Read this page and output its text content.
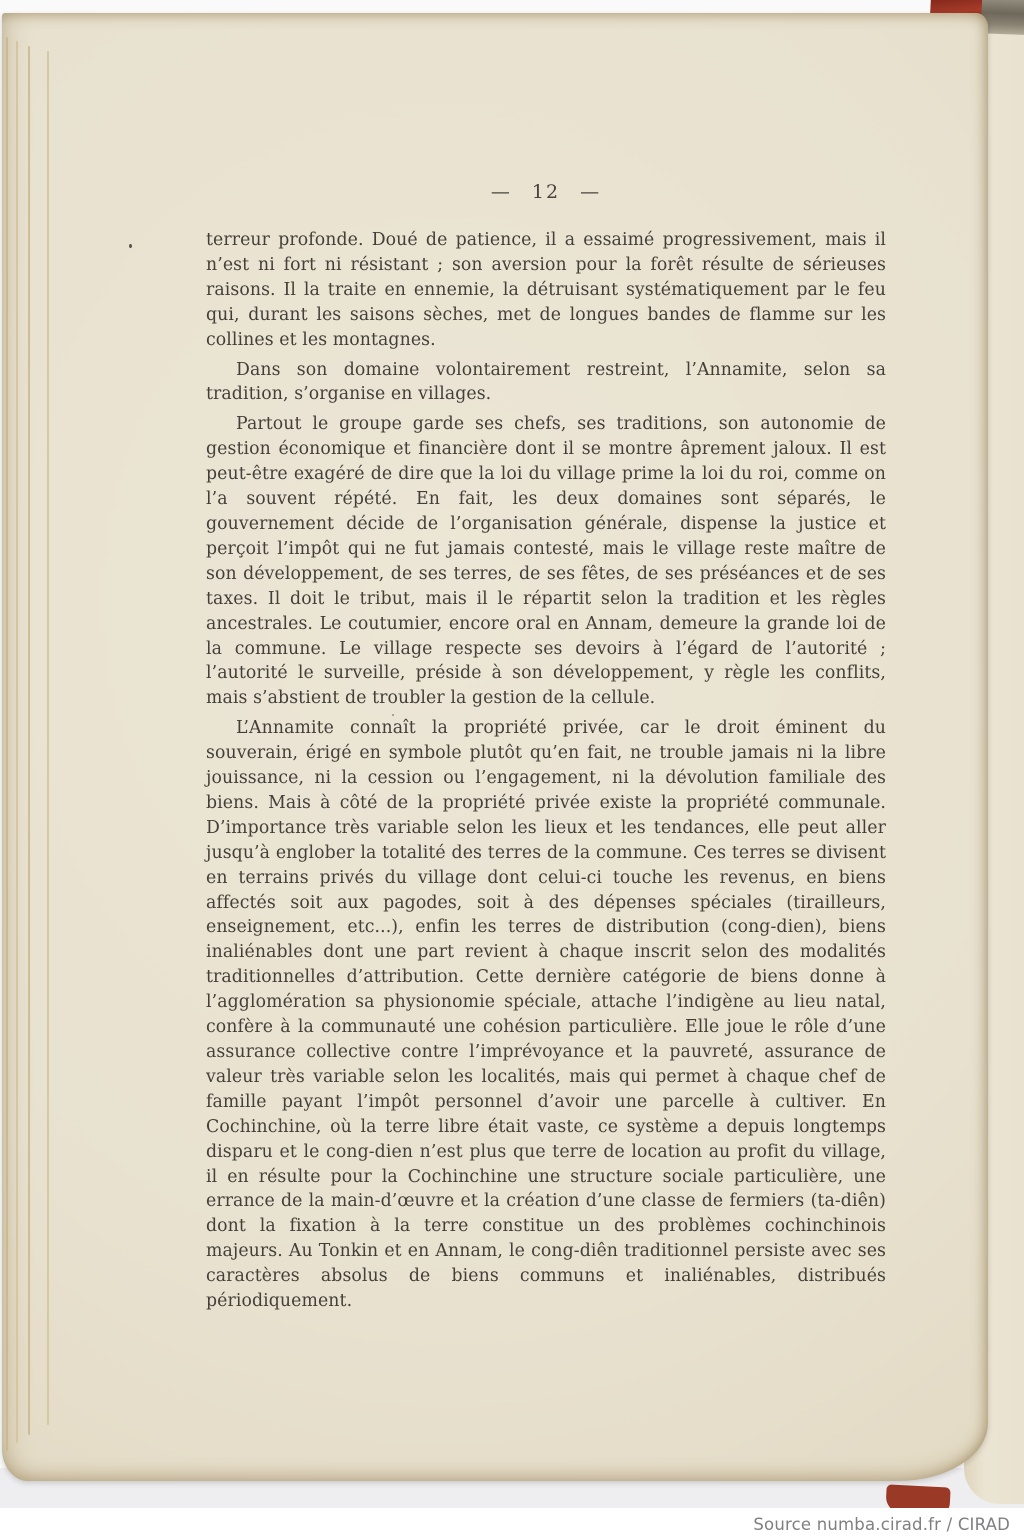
— 12 —

terreur profonde. Doué de patience, il a essaimé progressivement, mais il n’est ni fort ni résistant ; son aversion pour la forêt résulte de sérieuses raisons. Il la traite en ennemie, la détruisant systématiquement par le feu qui, durant les saisons sèches, met de longues bandes de flamme sur les collines et les montagnes.

Dans son domaine volontairement restreint, l’Annamite, selon sa tradition, s’organise en villages.

Partout le groupe garde ses chefs, ses traditions, son autonomie de gestion économique et financière dont il se montre âprement jaloux. Il est peut-être exagéré de dire que la loi du village prime la loi du roi, comme on l’a souvent répété. En fait, les deux domaines sont séparés, le gouvernement décide de l’organisation générale, dispense la justice et perçoit l’impôt qui ne fut jamais contesté, mais le village reste maître de son développement, de ses terres, de ses fêtes, de ses préséances et de ses taxes. Il doit le tribut, mais il le répartit selon la tradition et les règles ancestrales. Le coutumier, encore oral en Annam, demeure la grande loi de la commune. Le village respecte ses devoirs à l’égard de l’autorité ; l’autorité le surveille, préside à son développement, y règle les conflits, mais s’abstient de troubler la gestion de la cellule.

L’Annamite connaît la propriété privée, car le droit éminent du souverain, érigé en symbole plutôt qu’en fait, ne trouble jamais ni la libre jouissance, ni la cession ou l’engagement, ni la dévolution familiale des biens. Mais à côté de la propriété privée existe la propriété communale. D’importance très variable selon les lieux et les tendances, elle peut aller jusqu’à englober la totalité des terres de la commune. Ces terres se divisent en terrains privés du village dont celui-ci touche les revenus, en biens affectés soit aux pagodes, soit à des dépenses spéciales (tirailleurs, enseignement, etc...), enfin les terres de distribution (cong-dien), biens inaliénables dont une part revient à chaque inscrit selon des modalités traditionnelles d’attribution. Cette dernière catégorie de biens donne à l’agglomération sa physionomie spéciale, attache l’indigène au lieu natal, confère à la communauté une cohésion particulière. Elle joue le rôle d’une assurance collective contre l’imprévoyance et la pauvreté, assurance de valeur très variable selon les localités, mais qui permet à chaque chef de famille payant l’impôt personnel d’avoir une parcelle à cultiver. En Cochinchine, où la terre libre était vaste, ce système a depuis longtemps disparu et le cong-dien n’est plus que terre de location au profit du village, il en résulte pour la Cochinchine une structure sociale particulière, une errance de la main-d’œuvre et la création d’une classe de fermiers (ta-diên) dont la fixation à la terre constitue un des problèmes cochinchinois majeurs. Au Tonkin et en Annam, le cong-diên traditionnel persiste avec ses caractères absolus de biens communs et inaliénables, distribués périodiquement.

Source numba.cirad.fr / CIRAD
